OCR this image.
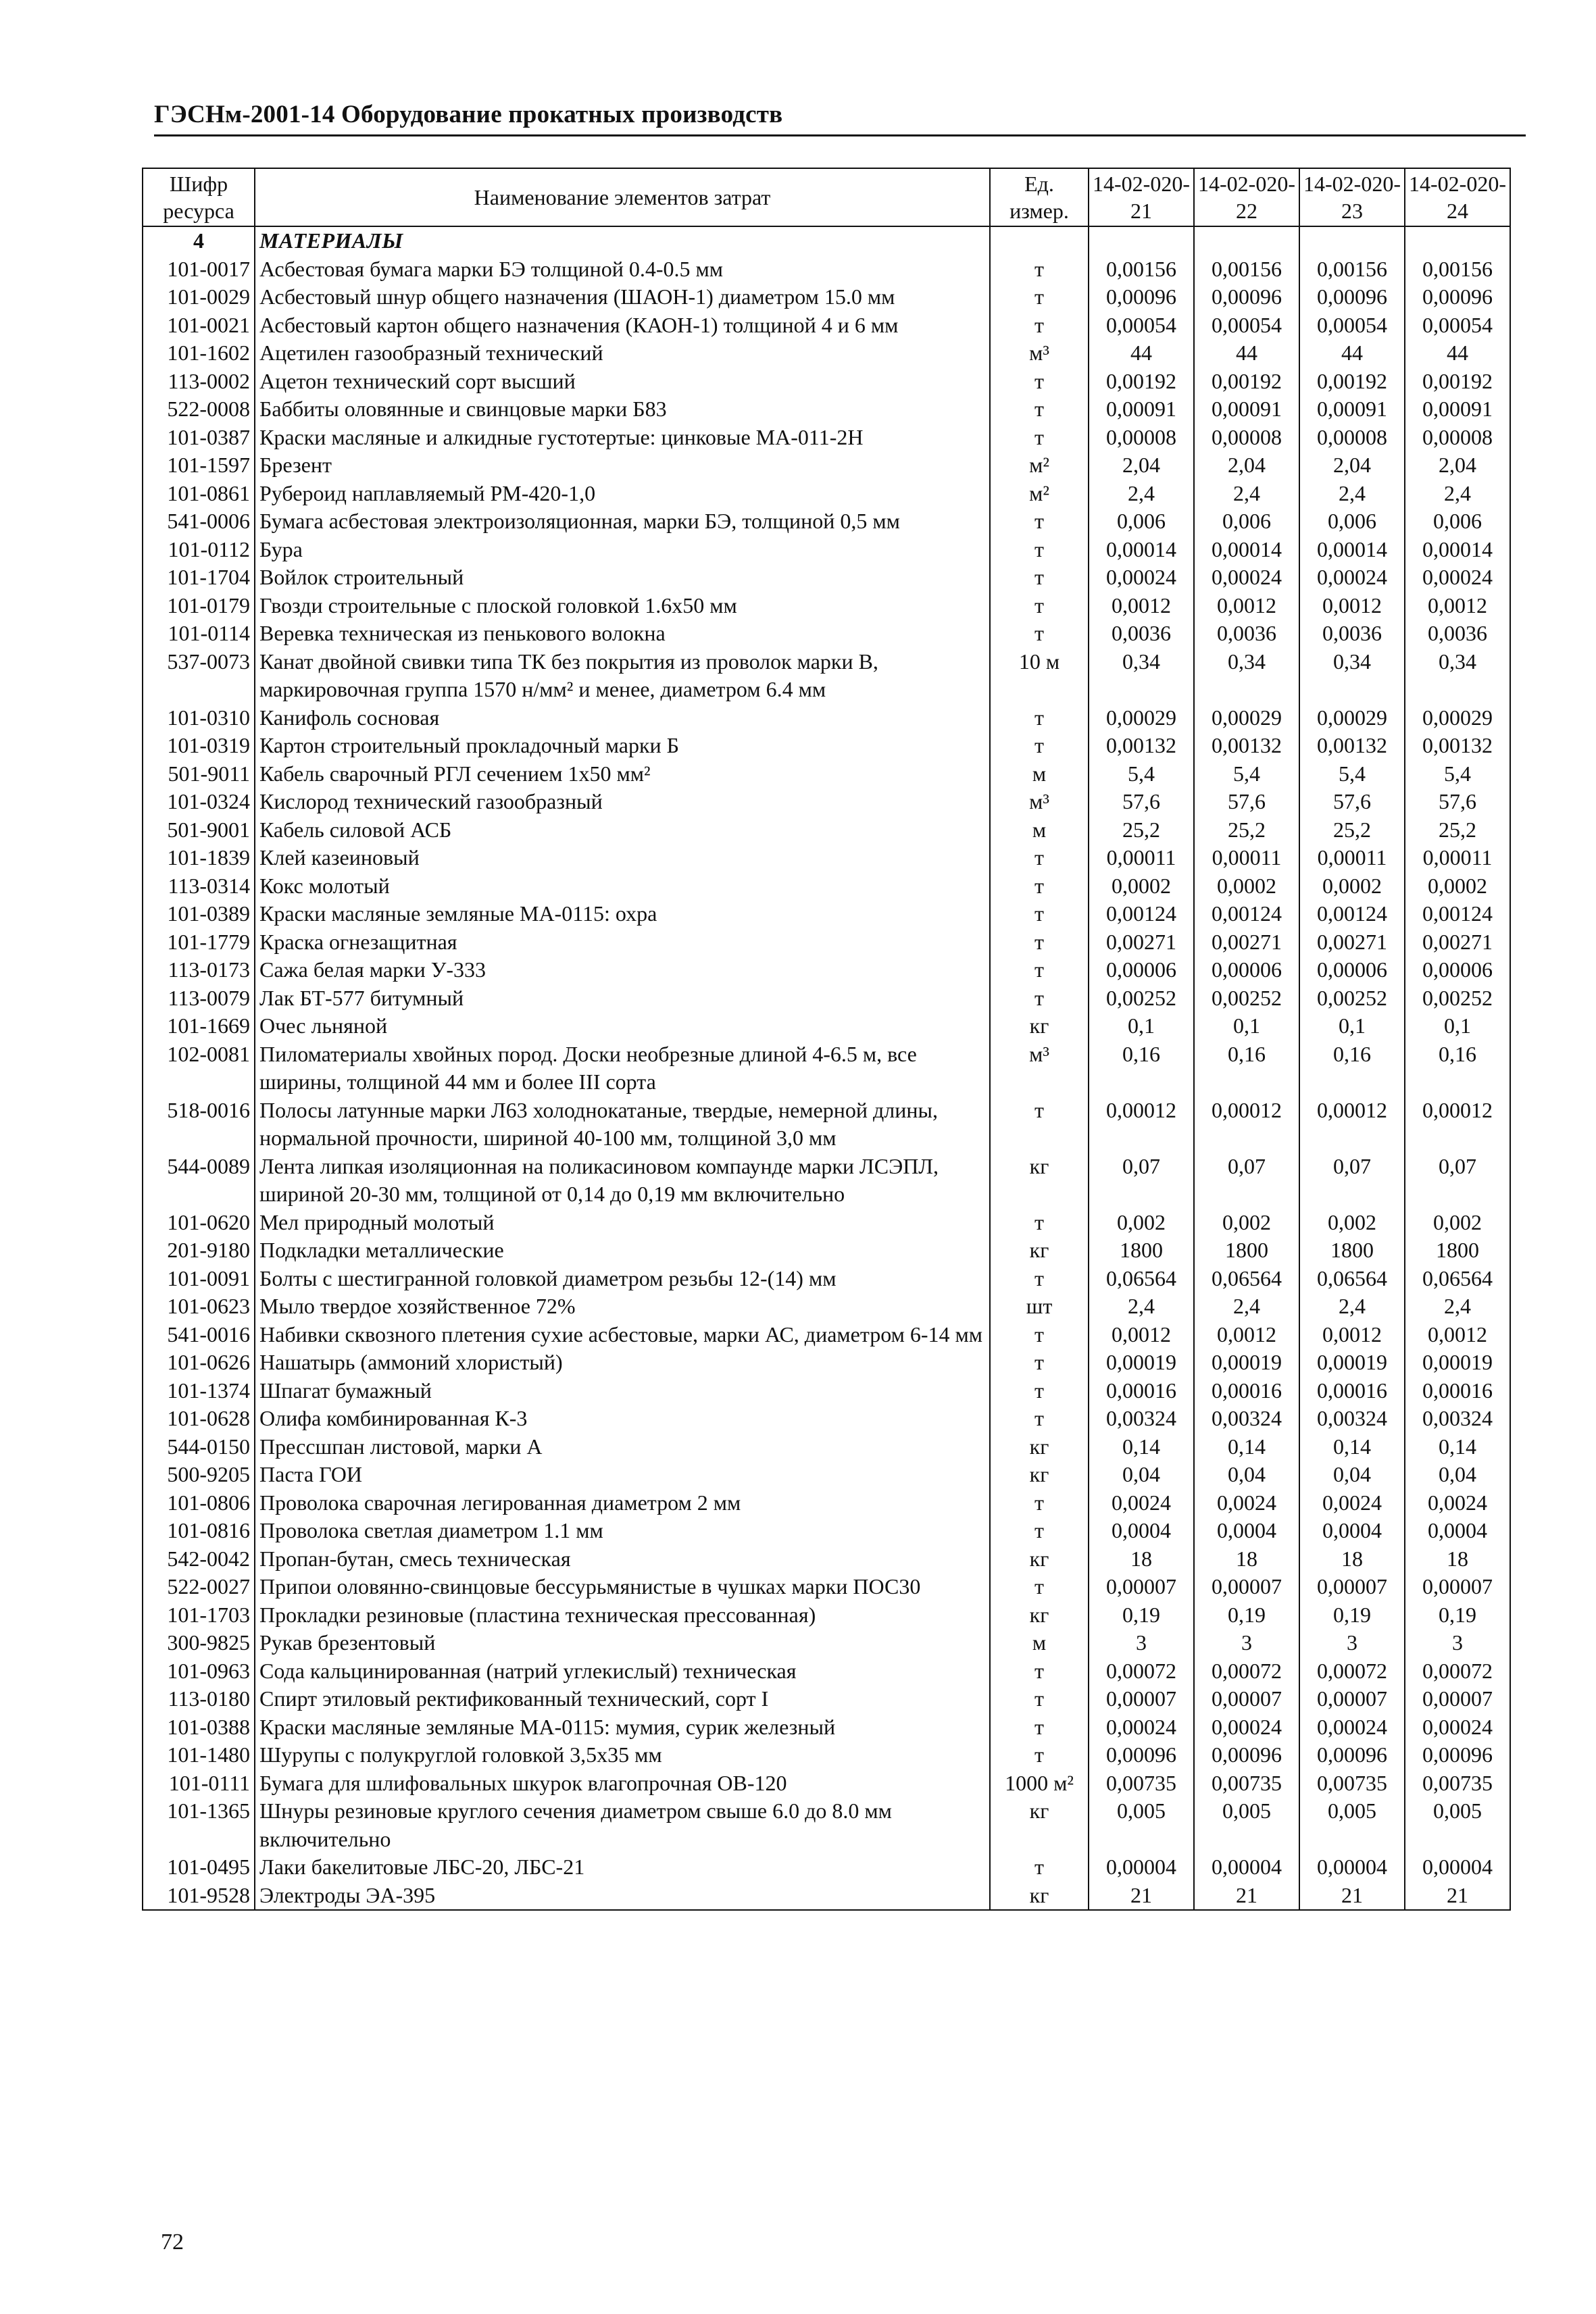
ГЭСНм-2001-14 Оборудование прокатных производств
Шифр ресурса	Наименование элементов затрат	Ед. измер.	14-02-020-21	14-02-020-22	14-02-020-23	14-02-020-24
4	МАТЕРИАЛЫ					
101-0017	Асбестовая бумага марки БЭ толщиной 0.4-0.5 мм	т	0,00156	0,00156	0,00156	0,00156
101-0029	Асбестовый шнур общего назначения (ШАОН-1) диаметром 15.0 мм	т	0,00096	0,00096	0,00096	0,00096
101-0021	Асбестовый картон общего назначения (КАОН-1) толщиной 4 и 6 мм	т	0,00054	0,00054	0,00054	0,00054
101-1602	Ацетилен газообразный технический	м³	44	44	44	44
113-0002	Ацетон технический сорт высший	т	0,00192	0,00192	0,00192	0,00192
522-0008	Баббиты оловянные и свинцовые марки Б83	т	0,00091	0,00091	0,00091	0,00091
101-0387	Краски масляные и алкидные густотертые: цинковые МА-011-2Н	т	0,00008	0,00008	0,00008	0,00008
101-1597	Брезент	м²	2,04	2,04	2,04	2,04
101-0861	Рубероид наплавляемый РМ-420-1,0	м²	2,4	2,4	2,4	2,4
541-0006	Бумага асбестовая электроизоляционная, марки БЭ, толщиной 0,5 мм	т	0,006	0,006	0,006	0,006
101-0112	Бура	т	0,00014	0,00014	0,00014	0,00014
101-1704	Войлок строительный	т	0,00024	0,00024	0,00024	0,00024
101-0179	Гвозди строительные с плоской головкой 1.6х50 мм	т	0,0012	0,0012	0,0012	0,0012
101-0114	Веревка техническая из пенькового волокна	т	0,0036	0,0036	0,0036	0,0036
537-0073	Канат двойной свивки типа ТК без покрытия из проволок марки В, маркировочная группа 1570 н/мм² и менее, диаметром 6.4 мм	10 м	0,34	0,34	0,34	0,34
101-0310	Канифоль сосновая	т	0,00029	0,00029	0,00029	0,00029
101-0319	Картон строительный прокладочный марки Б	т	0,00132	0,00132	0,00132	0,00132
501-9011	Кабель сварочный РГЛ сечением 1х50 мм²	м	5,4	5,4	5,4	5,4
101-0324	Кислород технический газообразный	м³	57,6	57,6	57,6	57,6
501-9001	Кабель силовой АСБ	м	25,2	25,2	25,2	25,2
101-1839	Клей казеиновый	т	0,00011	0,00011	0,00011	0,00011
113-0314	Кокс молотый	т	0,0002	0,0002	0,0002	0,0002
101-0389	Краски масляные земляные МА-0115: охра	т	0,00124	0,00124	0,00124	0,00124
101-1779	Краска огнезащитная	т	0,00271	0,00271	0,00271	0,00271
113-0173	Сажа белая марки У-333	т	0,00006	0,00006	0,00006	0,00006
113-0079	Лак БТ-577 битумный	т	0,00252	0,00252	0,00252	0,00252
101-1669	Очес льняной	кг	0,1	0,1	0,1	0,1
102-0081	Пиломатериалы хвойных пород. Доски необрезные длиной 4-6.5 м, все ширины, толщиной 44 мм и более III сорта	м³	0,16	0,16	0,16	0,16
518-0016	Полосы латунные марки Л63 холоднокатаные, твердые, немерной длины, нормальной прочности, шириной 40-100 мм, толщиной 3,0 мм	т	0,00012	0,00012	0,00012	0,00012
544-0089	Лента липкая изоляционная на поликасиновом компаунде марки ЛСЭПЛ, шириной 20-30 мм, толщиной от 0,14 до 0,19 мм включительно	кг	0,07	0,07	0,07	0,07
101-0620	Мел природный молотый	т	0,002	0,002	0,002	0,002
201-9180	Подкладки металлические	кг	1800	1800	1800	1800
101-0091	Болты с шестигранной головкой диаметром резьбы 12-(14) мм	т	0,06564	0,06564	0,06564	0,06564
101-0623	Мыло твердое хозяйственное 72%	шт	2,4	2,4	2,4	2,4
541-0016	Набивки сквозного плетения сухие асбестовые, марки АС, диаметром 6-14 мм	т	0,0012	0,0012	0,0012	0,0012
101-0626	Нашатырь (аммоний хлористый)	т	0,00019	0,00019	0,00019	0,00019
101-1374	Шпагат бумажный	т	0,00016	0,00016	0,00016	0,00016
101-0628	Олифа комбинированная К-3	т	0,00324	0,00324	0,00324	0,00324
544-0150	Прессшпан листовой, марки А	кг	0,14	0,14	0,14	0,14
500-9205	Паста ГОИ	кг	0,04	0,04	0,04	0,04
101-0806	Проволока сварочная легированная диаметром 2 мм	т	0,0024	0,0024	0,0024	0,0024
101-0816	Проволока светлая диаметром 1.1 мм	т	0,0004	0,0004	0,0004	0,0004
542-0042	Пропан-бутан, смесь техническая	кг	18	18	18	18
522-0027	Припои оловянно-свинцовые бессурьмянистые в чушках марки ПОС30	т	0,00007	0,00007	0,00007	0,00007
101-1703	Прокладки резиновые (пластина техническая прессованная)	кг	0,19	0,19	0,19	0,19
300-9825	Рукав брезентовый	м	3	3	3	3
101-0963	Сода кальцинированная (натрий углекислый) техническая	т	0,00072	0,00072	0,00072	0,00072
113-0180	Спирт этиловый ректификованный технический, сорт I	т	0,00007	0,00007	0,00007	0,00007
101-0388	Краски масляные земляные МА-0115: мумия, сурик железный	т	0,00024	0,00024	0,00024	0,00024
101-1480	Шурупы с полукруглой головкой 3,5х35 мм	т	0,00096	0,00096	0,00096	0,00096
101-0111	Бумага для шлифовальных шкурок влагопрочная ОВ-120	1000 м²	0,00735	0,00735	0,00735	0,00735
101-1365	Шнуры резиновые круглого сечения диаметром свыше 6.0 до 8.0 мм включительно	кг	0,005	0,005	0,005	0,005
101-0495	Лаки бакелитовые ЛБС-20, ЛБС-21	т	0,00004	0,00004	0,00004	0,00004
101-9528	Электроды ЭА-395	кг	21	21	21	21
72
